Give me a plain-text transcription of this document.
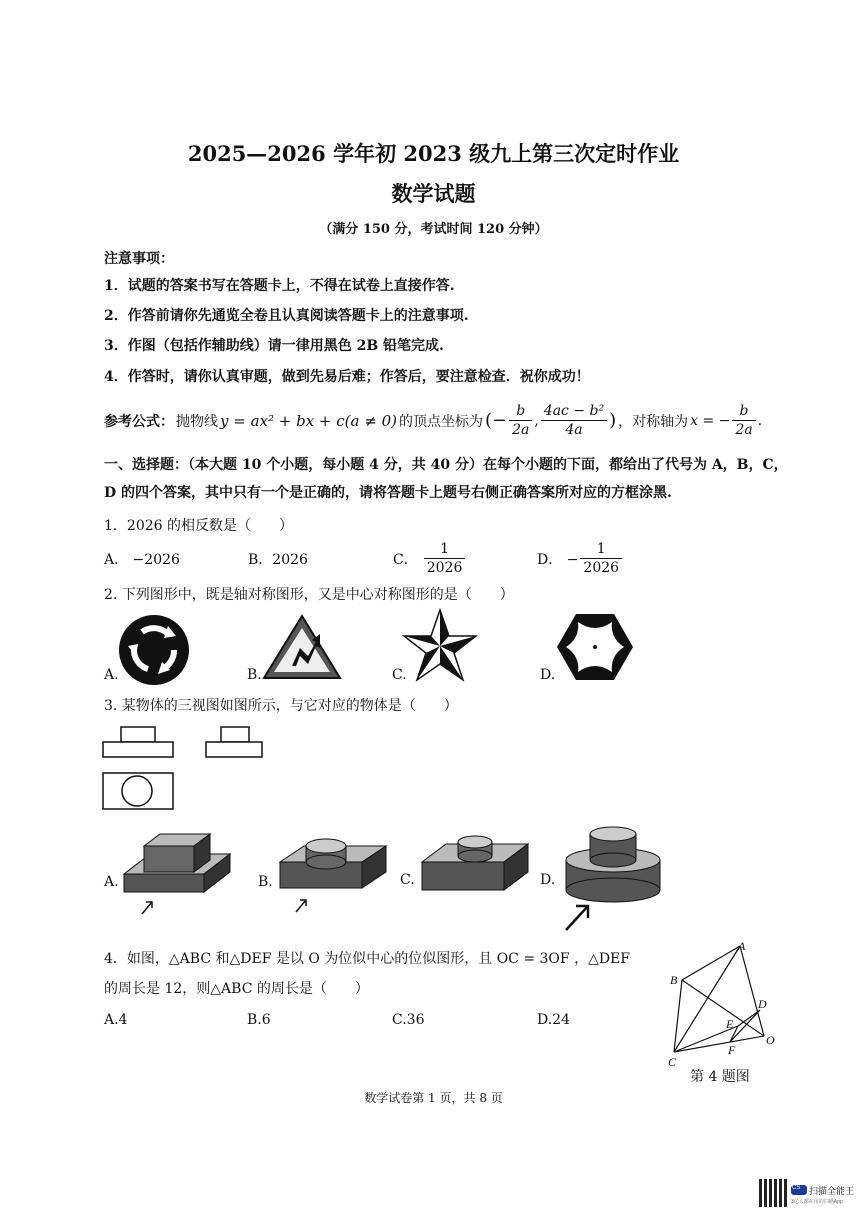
2025—2026 学年初 2023 级九上第三次定时作业
数学试题
（满分 150 分，考试时间 120 分钟）
注意事项：
1．试题的答案书写在答题卡上，不得在试卷上直接作答.
2．作答前请你先通览全卷且认真阅读答题卡上的注意事项.
3．作图（包括作辅助线）请一律用黑色 2B 铅笔完成.
4．作答时，请你认真审题，做到先易后难；作答后，要注意检查．祝你成功！
参考公式： 抛物线 y = ax² + bx + c(a ≠ 0) 的顶点坐标为 (− $\frac{b}{2a}$ , $\frac{\text{4ac − b²}}{4a}$ ) ，对称轴为 x = − $\frac{b}{2a}$ .
一、选择题：（本大题 10 个小题，每小题 4 分，共 40 分）在每个小题的下面，都给出了代号为 A，B，C，
D 的四个答案，其中只有一个是正确的，请将答题卡上题号右侧正确答案所对应的方框涂黑.
1．2026 的相反数是（　　）
A． −2026	B．2026	C． $\frac{1}{2026}$	D． − $\frac{1}{2026}$
2. 下列图形中，既是轴对称图形，又是中心对称图形的是（　　）
A.	B.	C.	D.
3. 某物体的三视图如图所示，与它对应的物体是（　　）
A.	B.	C.	D.
4．如图，△ABC 和△DEF 是以 O 为位似中心的位似图形，且 OC = 3OF ，△DEF
的周长是 12，则△ABC 的周长是（　　）
A.4	B.6	C.36	D.24
A
B
C
D
E
F
O
第 4 题图
数学试卷第 1 页，共 8 页
CS 扫描全能王
3亿人都在用的扫描App
